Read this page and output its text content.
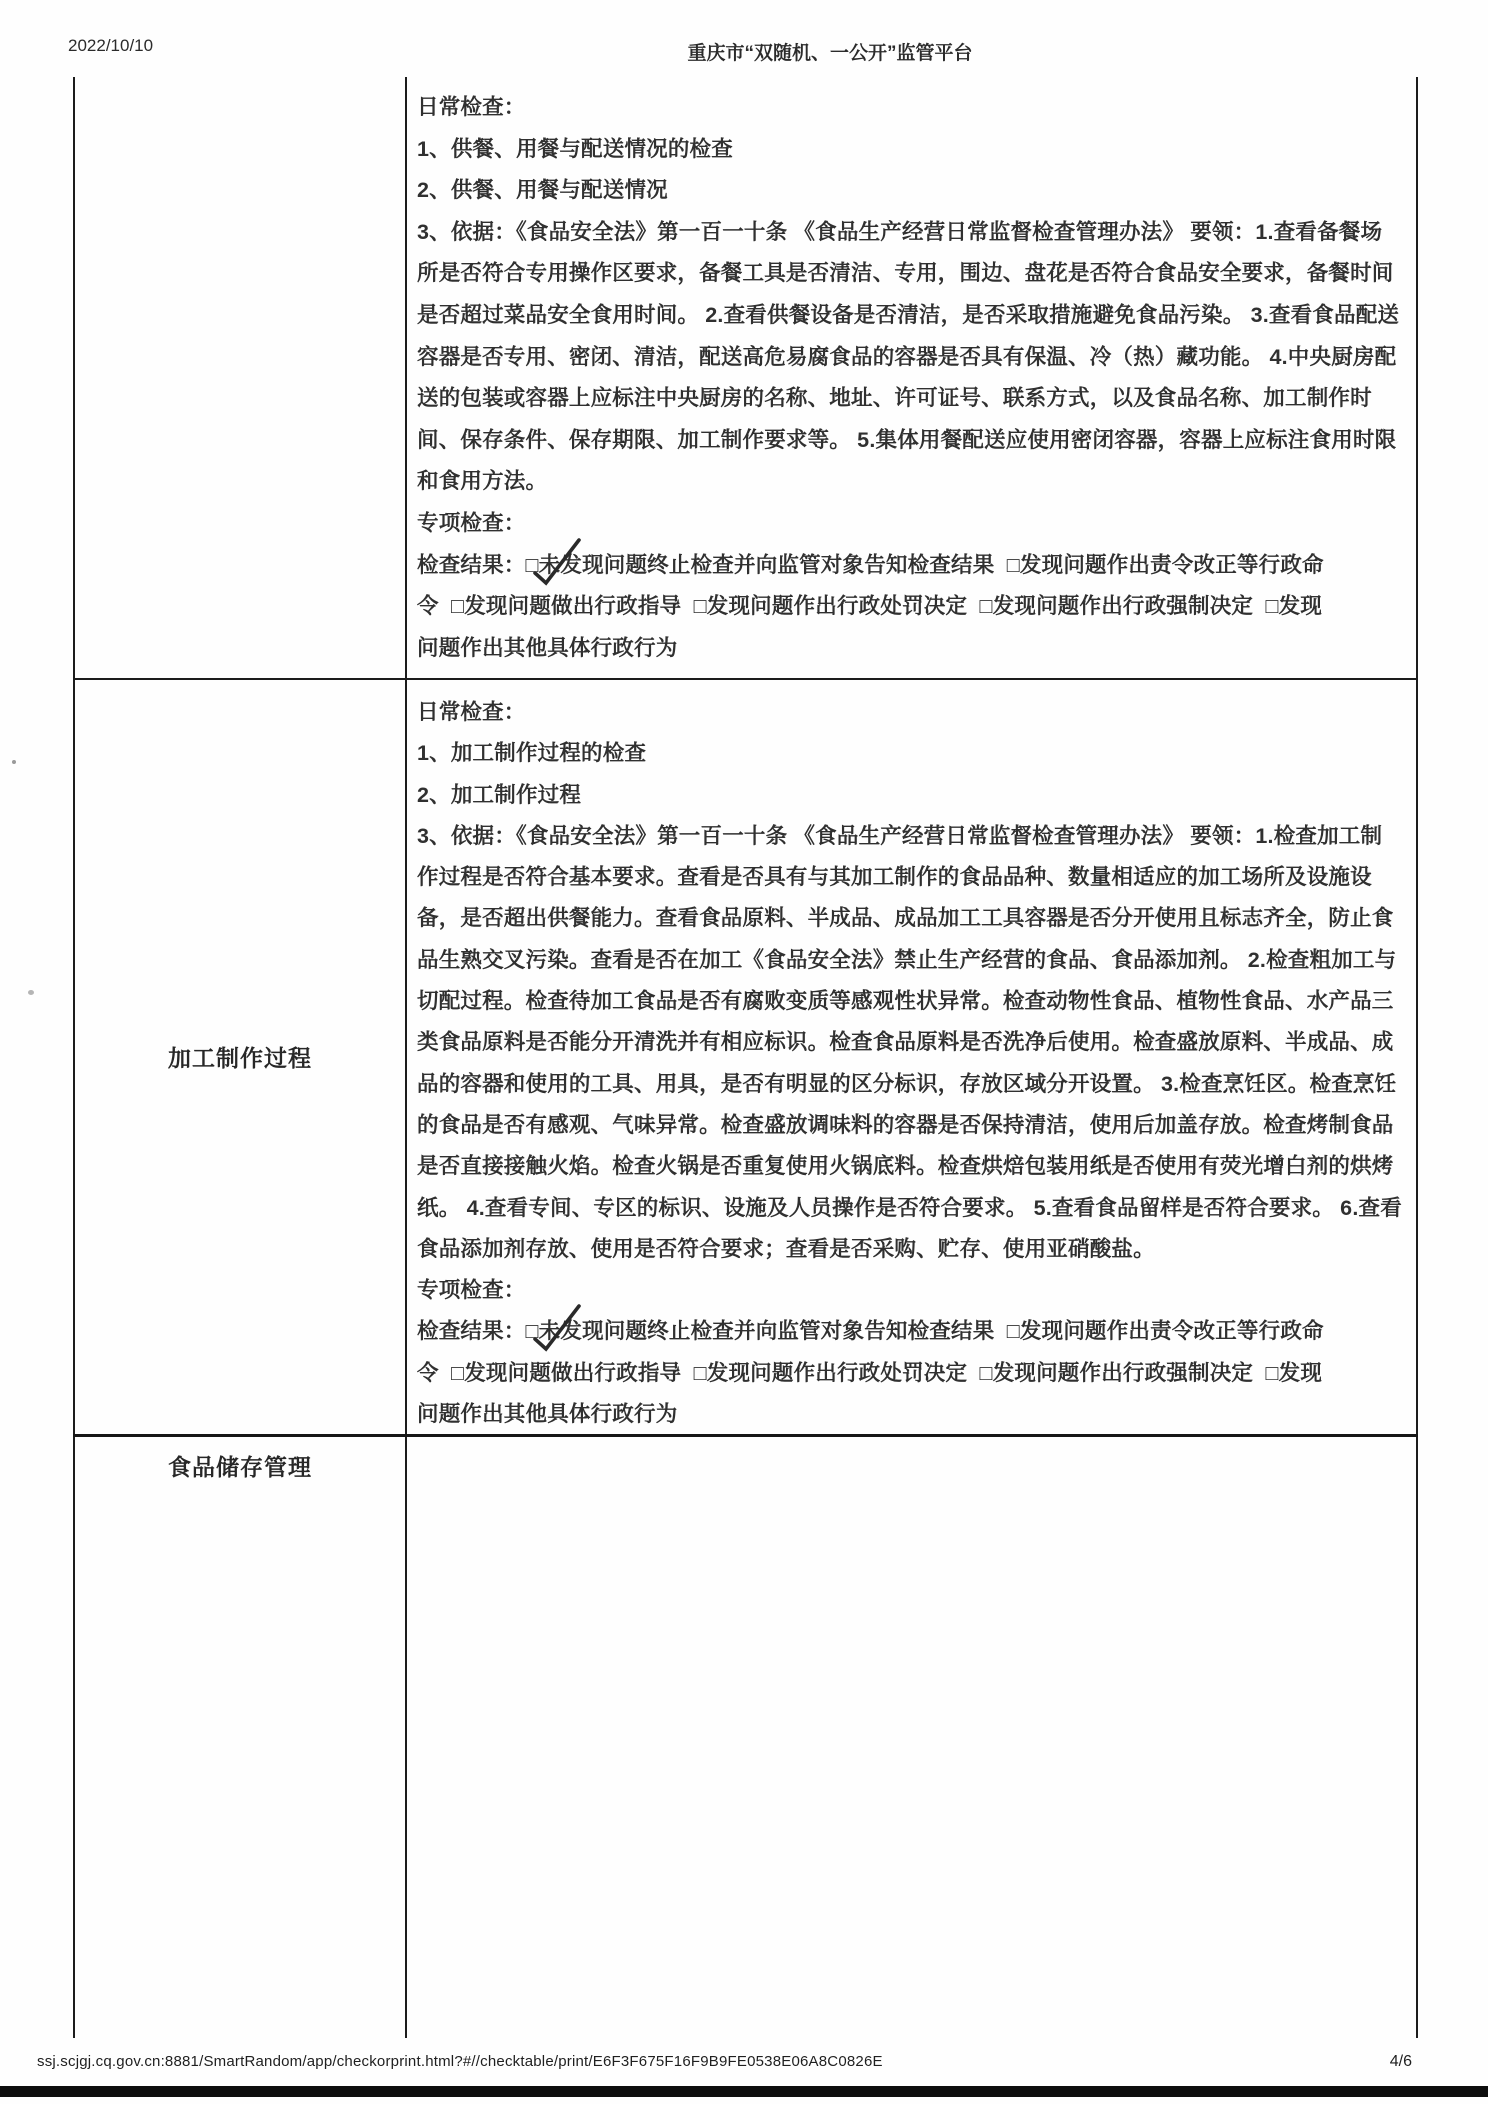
2022/10/10	重庆市“双随机、一公开”监管平台
日常检查：
1、供餐、用餐与配送情况的检查
2、供餐、用餐与配送情况
3、依据：《食品安全法》第一百一十条 《食品生产经营日常监督检查管理办法》 要领：1.查看备餐场
所是否符合专用操作区要求，备餐工具是否清洁、专用，围边、盘花是否符合食品安全要求，备餐时间
是否超过菜品安全食用时间。 2.查看供餐设备是否清洁，是否采取措施避免食品污染。 3.查看食品配送
容器是否专用、密闭、清洁，配送高危易腐食品的容器是否具有保温、冷（热）藏功能。 4.中央厨房配
送的包装或容器上应标注中央厨房的名称、地址、许可证号、联系方式，以及食品名称、加工制作时
间、保存条件、保存期限、加工制作要求等。 5.集体用餐配送应使用密闭容器，容器上应标注食用时限
和食用方法。
专项检查：
检查结果：□未发现问题终止检查并向监管对象告知检查结果  □发现问题作出责令改正等行政命
令  □发现问题做出行政指导  □发现问题作出行政处罚决定  □发现问题作出行政强制决定  □发现
问题作出其他具体行政行为
加工制作过程
日常检查：
1、加工制作过程的检查
2、加工制作过程
3、依据：《食品安全法》第一百一十条 《食品生产经营日常监督检查管理办法》 要领：1.检查加工制
作过程是否符合基本要求。查看是否具有与其加工制作的食品品种、数量相适应的加工场所及设施设
备，是否超出供餐能力。查看食品原料、半成品、成品加工工具容器是否分开使用且标志齐全，防止食
品生熟交叉污染。查看是否在加工《食品安全法》禁止生产经营的食品、食品添加剂。 2.检查粗加工与
切配过程。检查待加工食品是否有腐败变质等感观性状异常。检查动物性食品、植物性食品、水产品三
类食品原料是否能分开清洗并有相应标识。检查食品原料是否洗净后使用。检查盛放原料、半成品、成
品的容器和使用的工具、用具，是否有明显的区分标识，存放区域分开设置。 3.检查烹饪区。检查烹饪
的食品是否有感观、气味异常。检查盛放调味料的容器是否保持清洁，使用后加盖存放。检查烤制食品
是否直接接触火焰。检查火锅是否重复使用火锅底料。检查烘焙包装用纸是否使用有荧光增白剂的烘烤
纸。 4.查看专间、专区的标识、设施及人员操作是否符合要求。 5.查看食品留样是否符合要求。 6.查看
食品添加剂存放、使用是否符合要求；查看是否采购、贮存、使用亚硝酸盐。
专项检查：
检查结果：□未发现问题终止检查并向监管对象告知检查结果  □发现问题作出责令改正等行政命
令  □发现问题做出行政指导  □发现问题作出行政处罚决定  □发现问题作出行政强制决定  □发现
问题作出其他具体行政行为
食品储存管理
ssj.scjgj.cq.gov.cn:8881/SmartRandom/app/checkorprint.html?#//checktable/print/E6F3F675F16F9B9FE0538E06A8C0826E	4/6
